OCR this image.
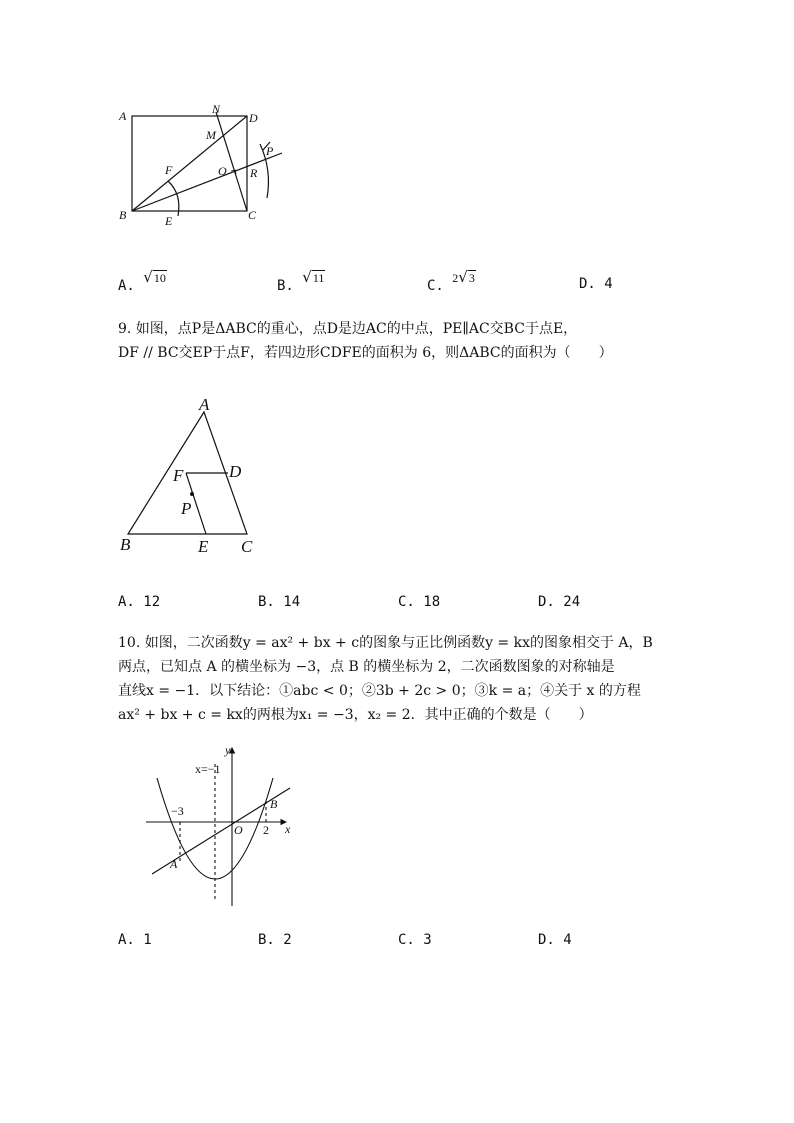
A	N
D
M
P
F	O R
B	E	C
A. √10	B. √11	C. 2√3	D. 4
9. 如图，点P是ΔABC的重心，点D是边AC的中点，PE∥AC交BC于点E，
DF // BC交EP于点F，若四边形CDFE的面积为 6，则ΔABC的面积为（　　）
A
F	D
P
B	E C
A. 12	B. 14	C. 18	D. 24
10. 如图，二次函数y = ax² + bx + c的图象与正比例函数y = kx的图象相交于 A，B
两点，已知点 A 的横坐标为 −3，点 B 的横坐标为 2，二次函数图象的对称轴是
直线x = −1．以下结论：①abc < 0；②3b + 2c > 0；③k = a；④关于 x 的方程
ax² + bx + c = kx的两根为x₁ = −3，x₂ = 2．其中正确的个数是（　　）
y
x
x=−1
−3
O 2
A
B
A. 1	B. 2	C. 3	D. 4
